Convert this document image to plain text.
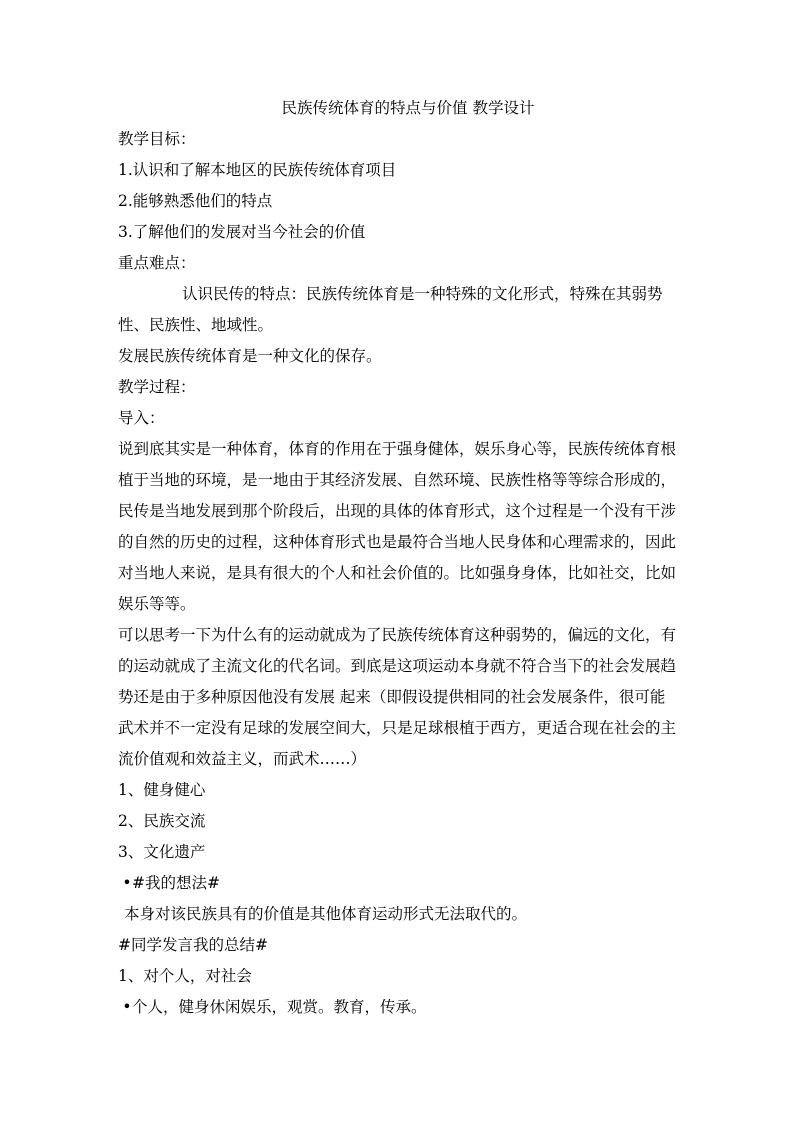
民族传统体育的特点与价值 教学设计

教学目标：

1.认识和了解本地区的民族传统体育项目

2.能够熟悉他们的特点

3.了解他们的发展对当今社会的价值

重点难点：

认识民传的特点：民族传统体育是一种特殊的文化形式，特殊在其弱势性、民族性、地域性。

发展民族传统体育是一种文化的保存。

教学过程：

导入：

说到底其实是一种体育，体育的作用在于强身健体，娱乐身心等，民族传统体育根植于当地的环境，是一地由于其经济发展、自然环境、民族性格等等综合形成的，民传是当地发展到那个阶段后，出现的具体的体育形式，这个过程是一个没有干涉的自然的历史的过程，这种体育形式也是最符合当地人民身体和心理需求的，因此对当地人来说，是具有很大的个人和社会价值的。比如强身身体，比如社交，比如娱乐等等。

可以思考一下为什么有的运动就成为了民族传统体育这种弱势的，偏远的文化，有的运动就成了主流文化的代名词。到底是这项运动本身就不符合当下的社会发展趋势还是由于多种原因他没有发展 起来（即假设提供相同的社会发展条件，很可能武术并不一定没有足球的发展空间大，只是足球根植于西方，更适合现在社会的主流价值观和效益主义，而武术……）

1、健身健心

2、民族交流

3、文化遗产

•#我的想法#

本身对该民族具有的价值是其他体育运动形式无法取代的。

#同学发言我的总结#

1、对个人，对社会

•个人，健身休闲娱乐，观赏。教育，传承。
